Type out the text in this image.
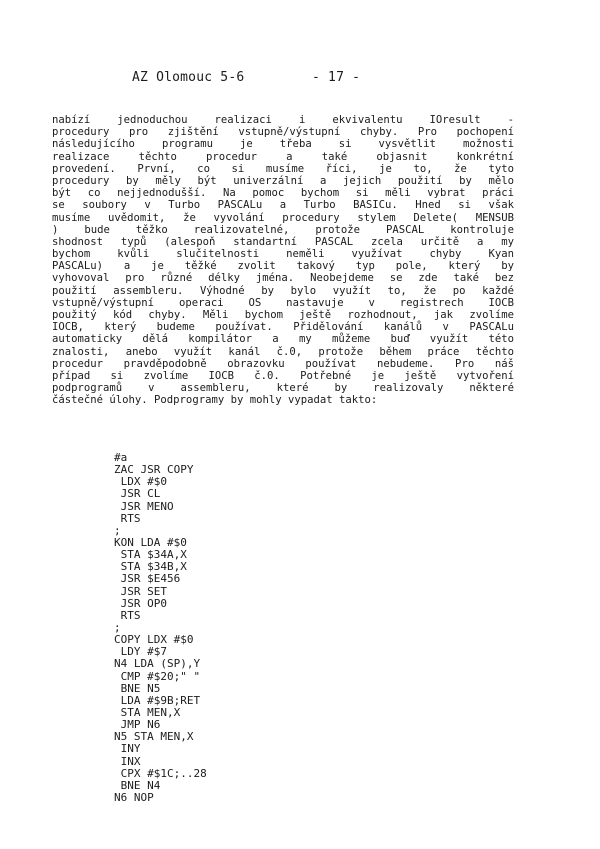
AZ Olomouc 5-6

	- 17 -

nabízí jednoduchou realizaci i ekvivalentu IOresult -
procedury pro zjištění vstupně/výstupní chyby. Pro pochopení
následujícího programu je třeba si vysvětlit možnosti
realizace těchto procedur a také objasnit konkrétní
provedení. První, co si musíme říci, je to, že tyto
procedury by měly být univerzální a jejich použití by mělo
být co nejjednodušší. Na pomoc bychom si měli vybrat práci
se soubory v Turbo PASCALu a Turbo BASICu. Hned si však
musíme uvědomit, že vyvolání procedury stylem Delete( MENSUB
) bude těžko realizovatelné, protože PASCAL kontroluje
shodnost typů (alespoň standartní PASCAL zcela určitě a my
bychom kvůli slučitelnosti neměli využívat chyby Kyan
PASCALu) a je těžké zvolit takový typ pole, který by
vyhovoval pro různé délky jména. Neobejdeme se zde také bez
použití assembleru. Výhodné by bylo využít to, že po každé
vstupně/výstupní operaci OS nastavuje v registrech IOCB
použitý kód chyby. Měli bychom ještě rozhodnout, jak zvolíme
IOCB, který budeme používat. Přidělování kanálů v PASCALu
automaticky dělá kompilátor a my můžeme buď využít této
znalosti, anebo využít kanál č.0, protože během práce těchto
procedur pravděpodobně obrazovku používat nebudeme. Pro náš
případ si zvolíme IOCB č.0. Potřebné je ještě vytvoření
podprogramů v assembleru, které by realizovaly některé
částečné úlohy. Podprogramy by mohly vypadat takto:
#a
ZAC JSR COPY
LDX #$0
JSR CL
JSR MENO
RTS
;
KON LDA #$0
STA $34A,X
STA $34B,X
JSR $E456
JSR SET
JSR OP0
RTS
;
COPY LDX #$0
LDY #$7
N4 LDA (SP),Y
CMP #$20;" "
BNE N5
LDA #$9B;RET
STA MEN,X
JMP N6
N5 STA MEN,X
INY
INX
CPX #$1C;..28
BNE N4
N6 NOP
